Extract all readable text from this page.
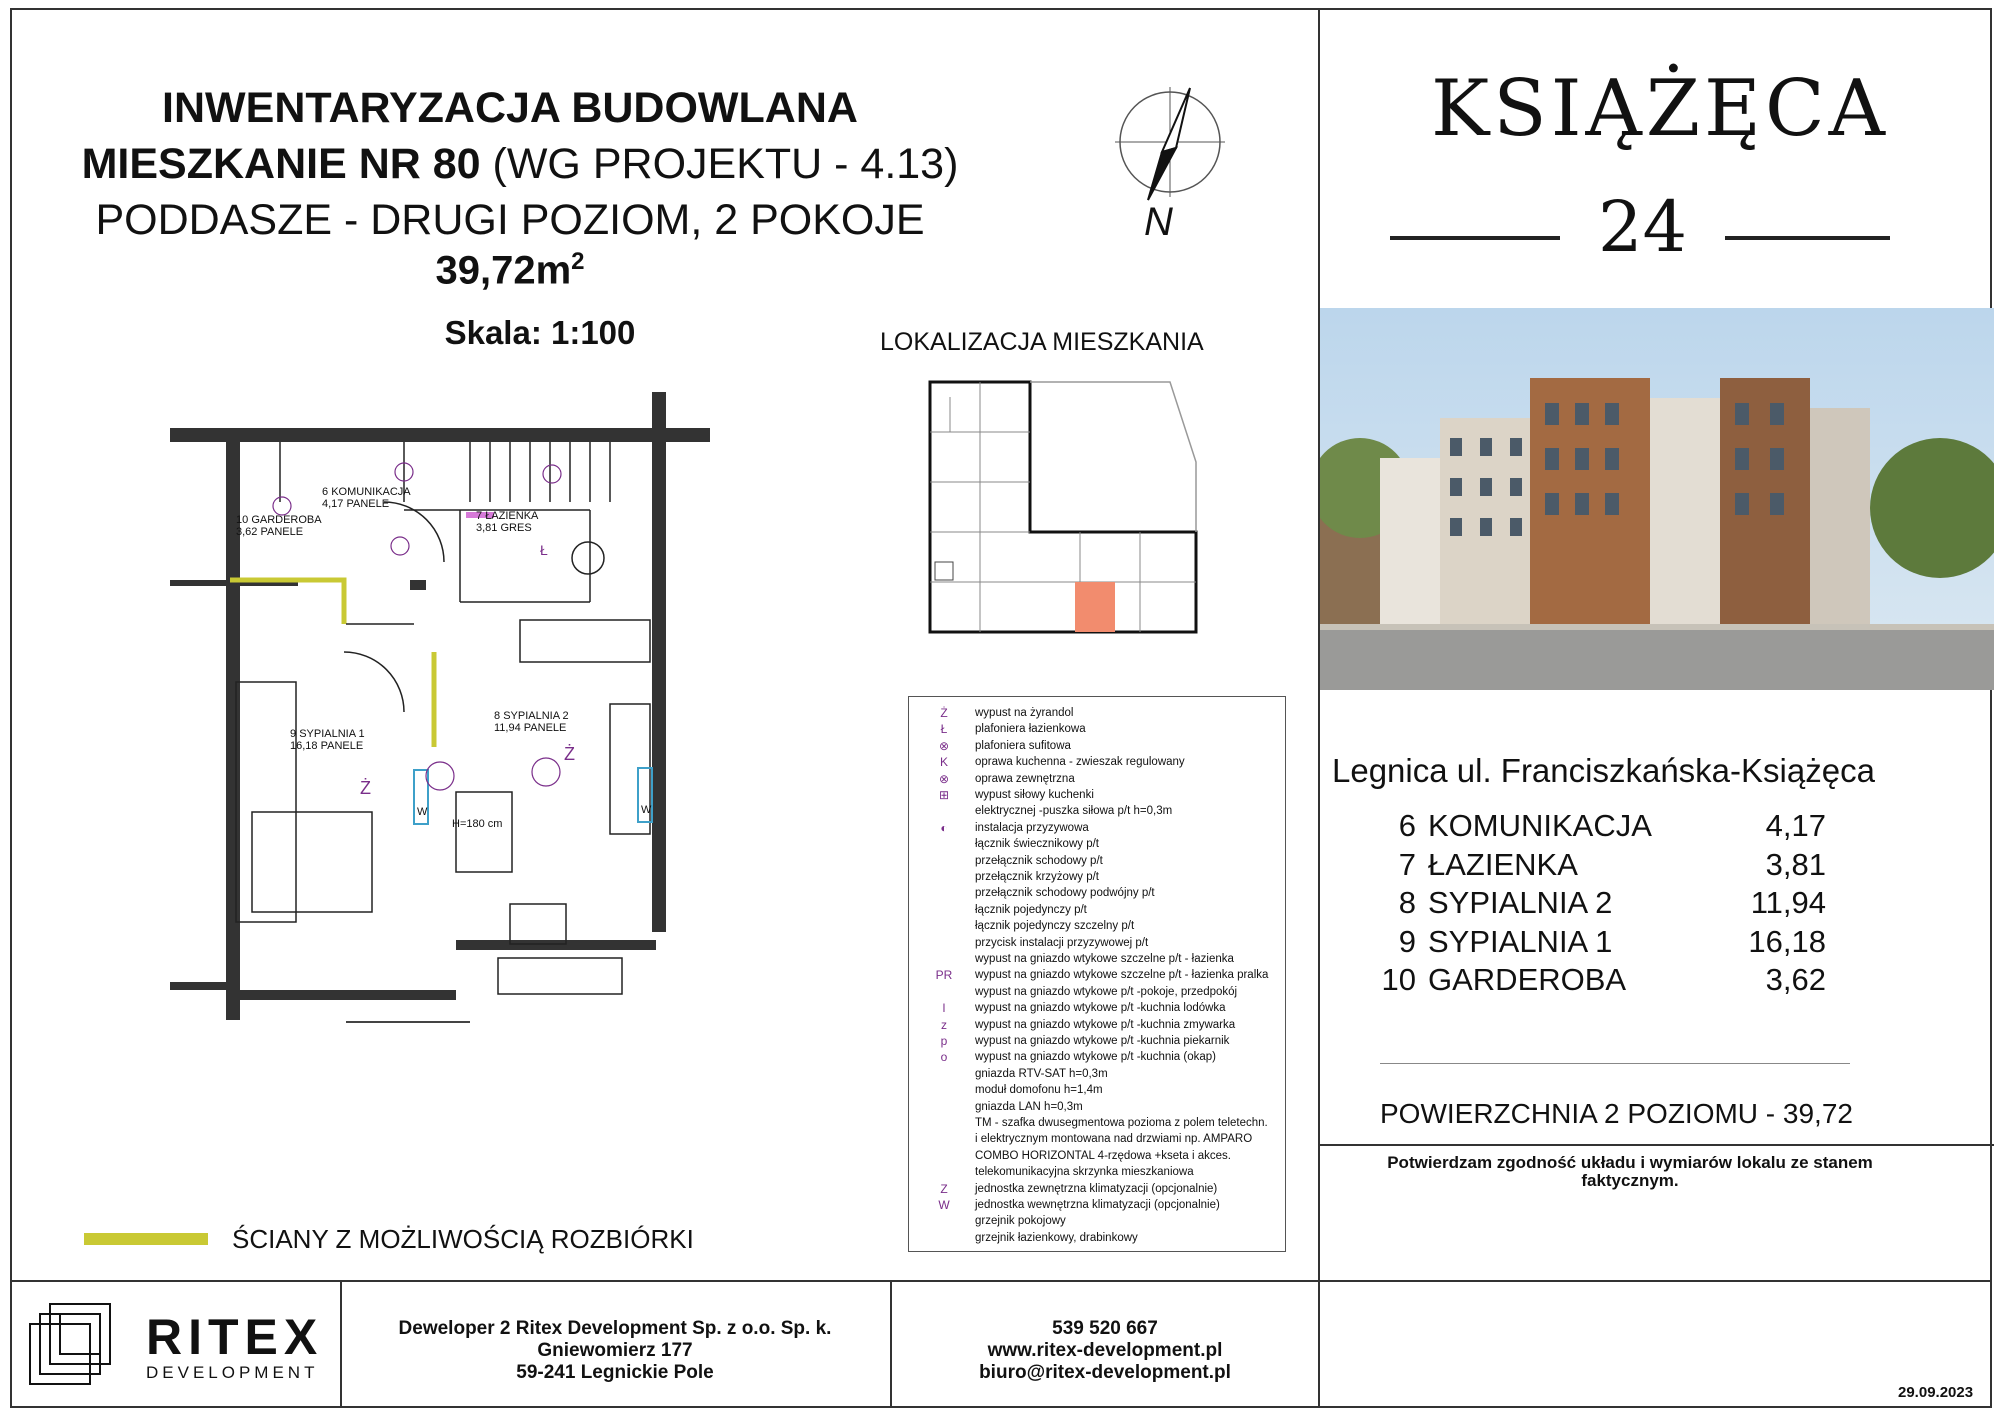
INWENTARYZACJA BUDOWLANA
MIESZKANIE NR 80 (WG PROJEKTU - 4.13)
PODDASZE - DRUGI POZIOM, 2 POKOJE
$39,72m^2$
Skala: 1:100
N
LOKALIZACJA MIESZKANIA
6 KOMUNIKACJA
4,17 PANELE
7 ŁAZIENKA
3,81 GRES
10 GARDEROBA
3,62 PANELE
8 SYPIALNIA 2
11,94 PANELE
9 SYPIALNIA 1
16,18 PANELE
H=180 cm
Ż
Ż
Ł
W	W
ŚCIANY Z MOŻLIWOŚCIĄ ROZBIÓRKI
Ż	wypust na żyrandol
Ł	plafoniera łazienkowa
⊗	plafoniera sufitowa
K	oprawa kuchenna - zwieszak regulowany
⊗	oprawa zewnętrzna
⊞	wypust siłowy kuchenki
elektrycznej -puszka siłowa p/t h=0,3m
◐	instalacja przyzywowa
łącznik świecznikowy p/t
przełącznik schodowy p/t
przełącznik krzyżowy p/t
przełącznik schodowy podwójny p/t
łącznik pojedynczy p/t
łącznik pojedynczy szczelny p/t
przycisk instalacji przyzywowej p/t
wypust na gniazdo wtykowe szczelne p/t - łazienka
PR	wypust na gniazdo wtykowe szczelne p/t - łazienka pralka
wypust na gniazdo wtykowe p/t -pokoje, przedpokój
l	wypust na gniazdo wtykowe p/t -kuchnia lodówka
z	wypust na gniazdo wtykowe p/t -kuchnia zmywarka
p	wypust na gniazdo wtykowe p/t -kuchnia piekarnik
o	wypust na gniazdo wtykowe p/t -kuchnia (okap)
gniazda RTV-SAT h=0,3m
moduł domofonu h=1,4m
gniazda LAN h=0,3m
TM - szafka dwusegmentowa pozioma z polem teletechn.
i elektrycznym montowana nad drzwiami np. AMPARO
COMBO HORIZONTAL 4-rzędowa +kseta i akces.
telekomunikacyjna skrzynka mieszkaniowa
Z	jednostka zewnętrzna klimatyzacji (opcjonalnie)
W	jednostka wewnętrzna klimatyzacji (opcjonalnie)
grzejnik pokojowy
grzejnik łazienkowy, drabinkowy
KSIĄŻĘCA
24
Legnica ul. Franciszkańska-Książęca
6 KOMUNIKACJA	4,17
7 ŁAZIENKA	3,81
8 SYPIALNIA 2	11,94
9 SYPIALNIA 1	16,18
10 GARDEROBA	3,62
POWIERZCHNIA 2 POZIOMU - 39,72
Potwierdzam zgodność układu i wymiarów lokalu ze stanem faktycznym.
RITEX
DEVELOPMENT
Deweloper 2 Ritex Development Sp. z o.o. Sp. k.
Gniewomierz 177
59-241 Legnickie Pole
539 520 667
www.ritex-development.pl
biuro@ritex-development.pl
29.09.2023
